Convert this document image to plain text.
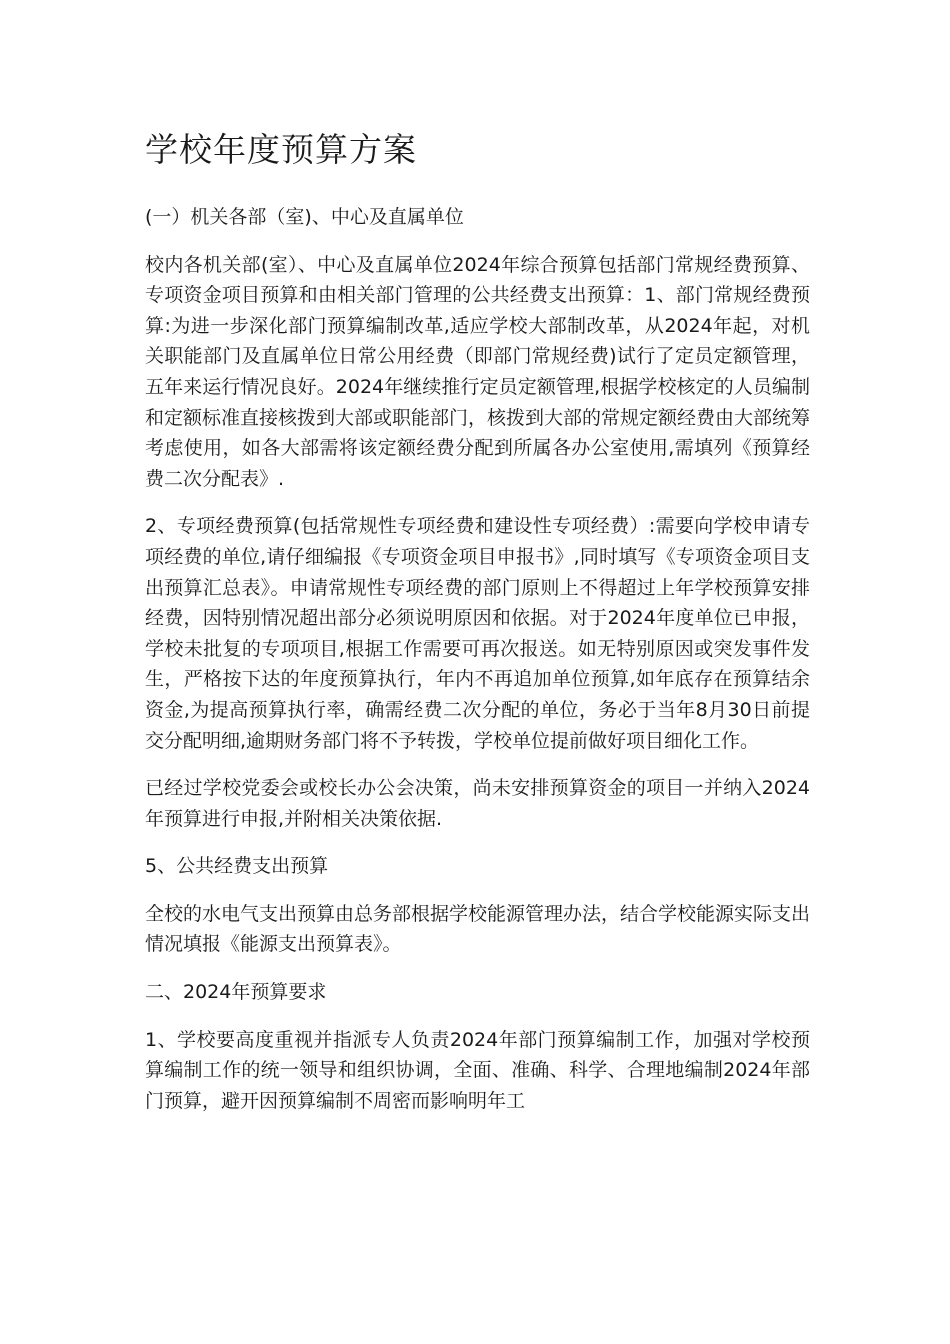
学校年度预算方案

(一）机关各部（室)、中心及直属单位

校内各机关部(室）、中心及直属单位2024年综合预算包括部门常规经费预算、专项资金项目预算和由相关部门管理的公共经费支出预算：1、部门常规经费预算:为进一步深化部门预算编制改革,适应学校大部制改革，从2024年起，对机关职能部门及直属单位日常公用经费（即部门常规经费)试行了定员定额管理，五年来运行情况良好。2024年继续推行定员定额管理,根据学校核定的人员编制和定额标准直接核拨到大部或职能部门，核拨到大部的常规定额经费由大部统筹考虑使用，如各大部需将该定额经费分配到所属各办公室使用,需填列《预算经费二次分配表》.

2、专项经费预算(包括常规性专项经费和建设性专项经费）:需要向学校申请专项经费的单位,请仔细编报《专项资金项目申报书》,同时填写《专项资金项目支出预算汇总表》。申请常规性专项经费的部门原则上不得超过上年学校预算安排经费，因特别情况超出部分必须说明原因和依据。对于2024年度单位已申报，学校未批复的专项项目,根据工作需要可再次报送。如无特别原因或突发事件发生，严格按下达的年度预算执行，年内不再追加单位预算,如年底存在预算结余资金,为提高预算执行率，确需经费二次分配的单位，务必于当年8月30日前提交分配明细,逾期财务部门将不予转拨，学校单位提前做好项目细化工作。

已经过学校党委会或校长办公会决策，尚未安排预算资金的项目一并纳入2024年预算进行申报,并附相关决策依据.

5、公共经费支出预算

全校的水电气支出预算由总务部根据学校能源管理办法，结合学校能源实际支出情况填报《能源支出预算表》。

二、2024年预算要求

1、学校要高度重视并指派专人负责2024年部门预算编制工作，加强对学校预算编制工作的统一领导和组织协调，全面、准确、科学、合理地编制2024年部门预算，避开因预算编制不周密而影响明年工
